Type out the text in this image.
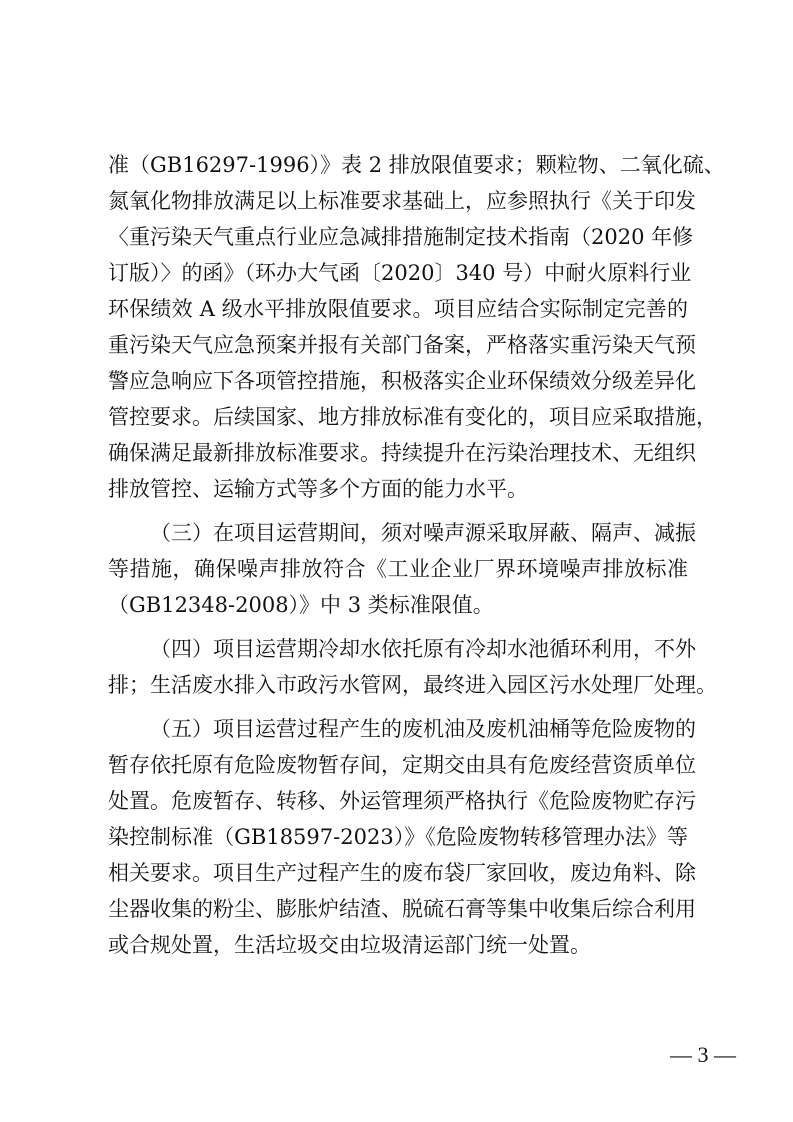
准（GB16297-1996）》表 2 排放限值要求；颗粒物、二氧化硫、
氮氧化物排放满足以上标准要求基础上，应参照执行《关于印发
〈重污染天气重点行业应急减排措施制定技术指南（2020 年修
订版）〉的函》（环办大气函〔2020〕340 号）中耐火原料行业
环保绩效 A 级水平排放限值要求。项目应结合实际制定完善的
重污染天气应急预案并报有关部门备案，严格落实重污染天气预
警应急响应下各项管控措施，积极落实企业环保绩效分级差异化
管控要求。后续国家、地方排放标准有变化的，项目应采取措施，
确保满足最新排放标准要求。持续提升在污染治理技术、无组织
排放管控、运输方式等多个方面的能力水平。
（三）在项目运营期间，须对噪声源采取屏蔽、隔声、减振
等措施，确保噪声排放符合《工业企业厂界环境噪声排放标准
（GB12348-2008）》中 3 类标准限值。
（四）项目运营期冷却水依托原有冷却水池循环利用，不外
排；生活废水排入市政污水管网，最终进入园区污水处理厂处理。
（五）项目运营过程产生的废机油及废机油桶等危险废物的
暂存依托原有危险废物暂存间，定期交由具有危废经营资质单位
处置。危废暂存、转移、外运管理须严格执行《危险废物贮存污
染控制标准（GB18597-2023）》《危险废物转移管理办法》等
相关要求。项目生产过程产生的废布袋厂家回收，废边角料、除
尘器收集的粉尘、膨胀炉结渣、脱硫石膏等集中收集后综合利用
或合规处置，生活垃圾交由垃圾清运部门统一处置。
— 3 —
